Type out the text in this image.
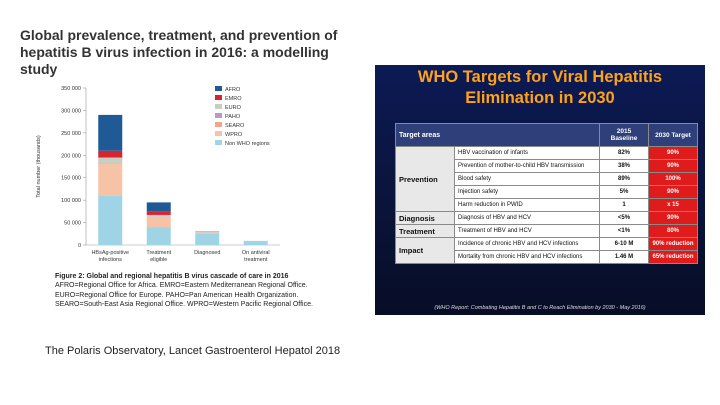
Global prevalence, treatment, and prevention of hepatitis B virus infection in 2016: a modelling study
Total number (thousands)
0
50 000
100 000
150 000
200 000
250 000
300 000
350 000
HBsAg-positive infections
Treatment eligible
Diagnosed	On antiviral treatment
AFRO
EMRO
EURO
PAHO
SEARO
WPRO
Non WHO regions
Figure 2: Global and regional hepatitis B virus cascade of care in 2016
AFRO=Regional Office for Africa. EMRO=Eastern Mediterranean Regional Office. EURO=Regional Office for Europe. PAHO=Pan American Health Organization. SEARO=South-East Asia Regional Office. WPRO=Western Pacific Regional Office.
The Polaris Observatory, Lancet Gastroenterol Hepatol 2018
WHO Targets for Viral Hepatitis
Elimination in 2030
Target areas		2015 Baseline	2030 Target
Prevention	HBV vaccination of infants	82%	90%
	Prevention of mother-to-child HBV transmission	38%	90%
	Blood safety	89%	100%
	Injection safety	5%	90%
	Harm reduction in PWID	1	x 15
Diagnosis	Diagnosis of HBV and HCV	<5%	90%
Treatment	Treatment of HBV and HCV	<1%	80%
Impact	Incidence of chronic HBV and HCV infections	6-10 M	90% reduction
	Mortality from chronic HBV and HCV infections	1.46 M	65% reduction
(WHO Report: Combating Hepatitis B and C to Reach Elimination by 2030 - May 2016)
